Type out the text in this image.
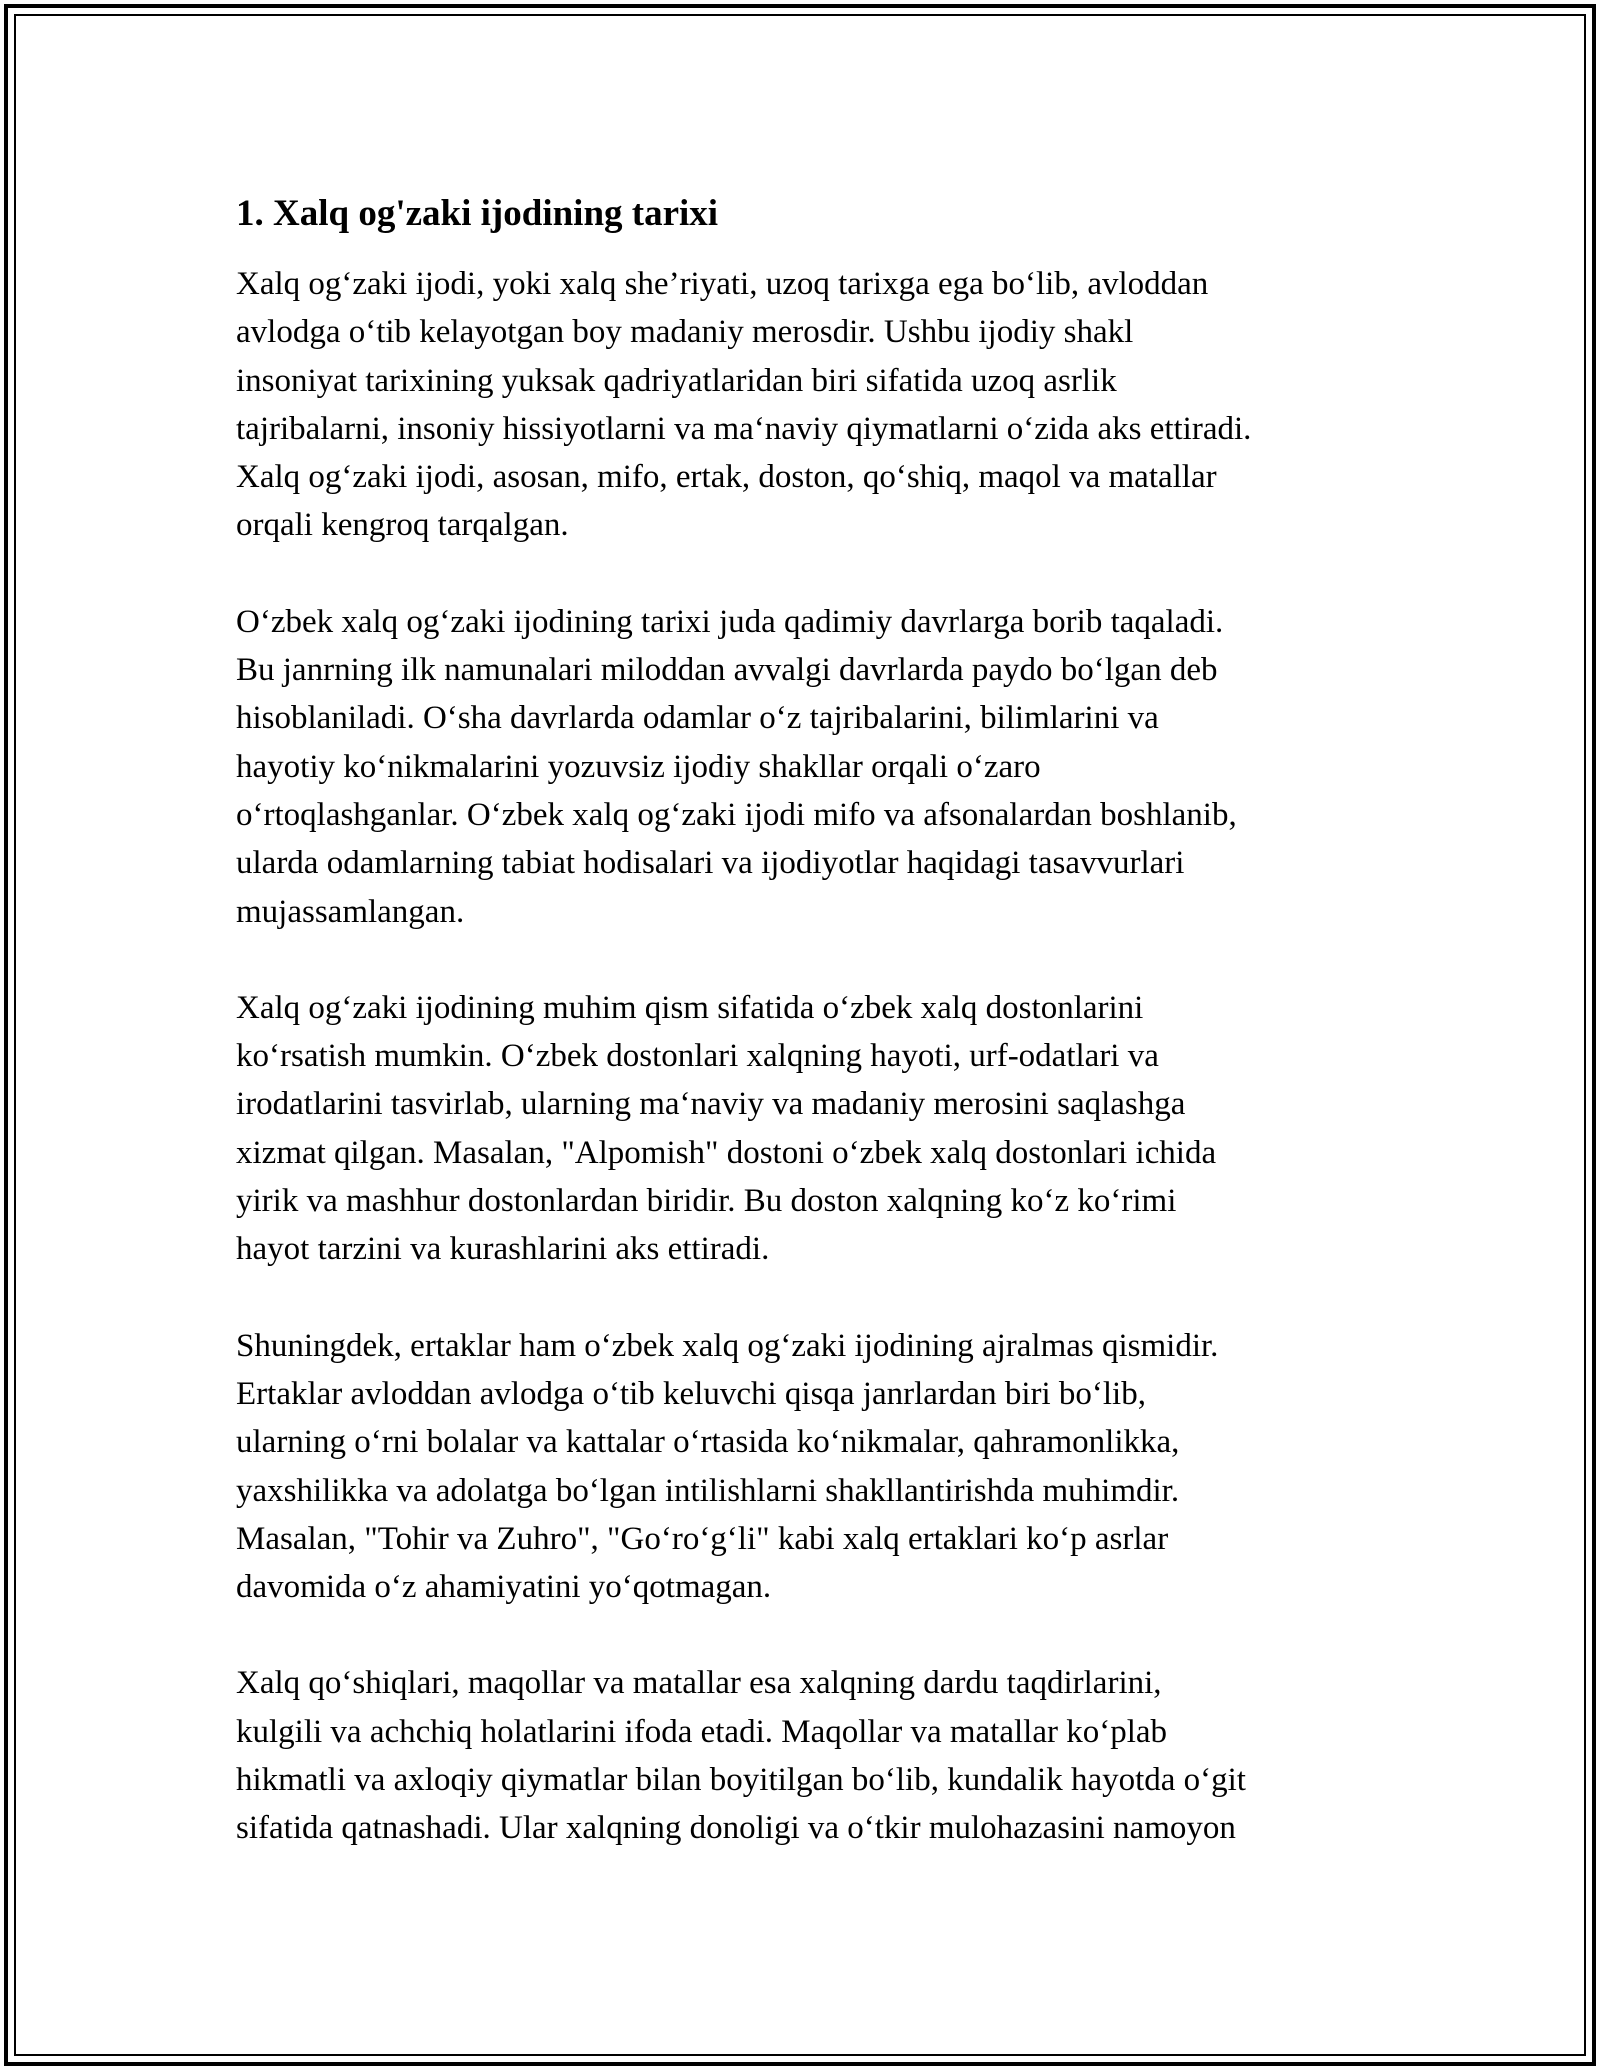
1. Xalq og'zaki ijodining tarixi

Xalq og‘zaki ijodi, yoki xalq she’riyati, uzoq tarixga ega bo‘lib, avloddan
avlodga o‘tib kelayotgan boy madaniy merosdir. Ushbu ijodiy shakl
insoniyat tarixining yuksak qadriyatlaridan biri sifatida uzoq asrlik
tajribalarni, insoniy hissiyotlarni va ma‘naviy qiymatlarni o‘zida aks ettiradi.
Xalq og‘zaki ijodi, asosan, mifo, ertak, doston, qo‘shiq, maqol va matallar
orqali kengroq tarqalgan.

O‘zbek xalq og‘zaki ijodining tarixi juda qadimiy davrlarga borib taqaladi.
Bu janrning ilk namunalari miloddan avvalgi davrlarda paydo bo‘lgan deb
hisoblaniladi. O‘sha davrlarda odamlar o‘z tajribalarini, bilimlarini va
hayotiy ko‘nikmalarini yozuvsiz ijodiy shakllar orqali o‘zaro
o‘rtoqlashganlar. O‘zbek xalq og‘zaki ijodi mifo va afsonalardan boshlanib,
ularda odamlarning tabiat hodisalari va ijodiyotlar haqidagi tasavvurlari
mujassamlangan.

Xalq og‘zaki ijodining muhim qism sifatida o‘zbek xalq dostonlarini
ko‘rsatish mumkin. O‘zbek dostonlari xalqning hayoti, urf-odatlari va
irodatlarini tasvirlab, ularning ma‘naviy va madaniy merosini saqlashga
xizmat qilgan. Masalan, "Alpomish" dostoni o‘zbek xalq dostonlari ichida
yirik va mashhur dostonlardan biridir. Bu doston xalqning ko‘z ko‘rimi
hayot tarzini va kurashlarini aks ettiradi.

Shuningdek, ertaklar ham o‘zbek xalq og‘zaki ijodining ajralmas qismidir.
Ertaklar avloddan avlodga o‘tib keluvchi qisqa janrlardan biri bo‘lib,
ularning o‘rni bolalar va kattalar o‘rtasida ko‘nikmalar, qahramonlikka,
yaxshilikka va adolatga bo‘lgan intilishlarni shakllantirishda muhimdir.
Masalan, "Tohir va Zuhro", "Go‘ro‘g‘li" kabi xalq ertaklari ko‘p asrlar
davomida o‘z ahamiyatini yo‘qotmagan.

Xalq qo‘shiqlari, maqollar va matallar esa xalqning dardu taqdirlarini,
kulgili va achchiq holatlarini ifoda etadi. Maqollar va matallar ko‘plab
hikmatli va axloqiy qiymatlar bilan boyitilgan bo‘lib, kundalik hayotda o‘git
sifatida qatnashadi. Ular xalqning donoligi va o‘tkir mulohazasini namoyon
